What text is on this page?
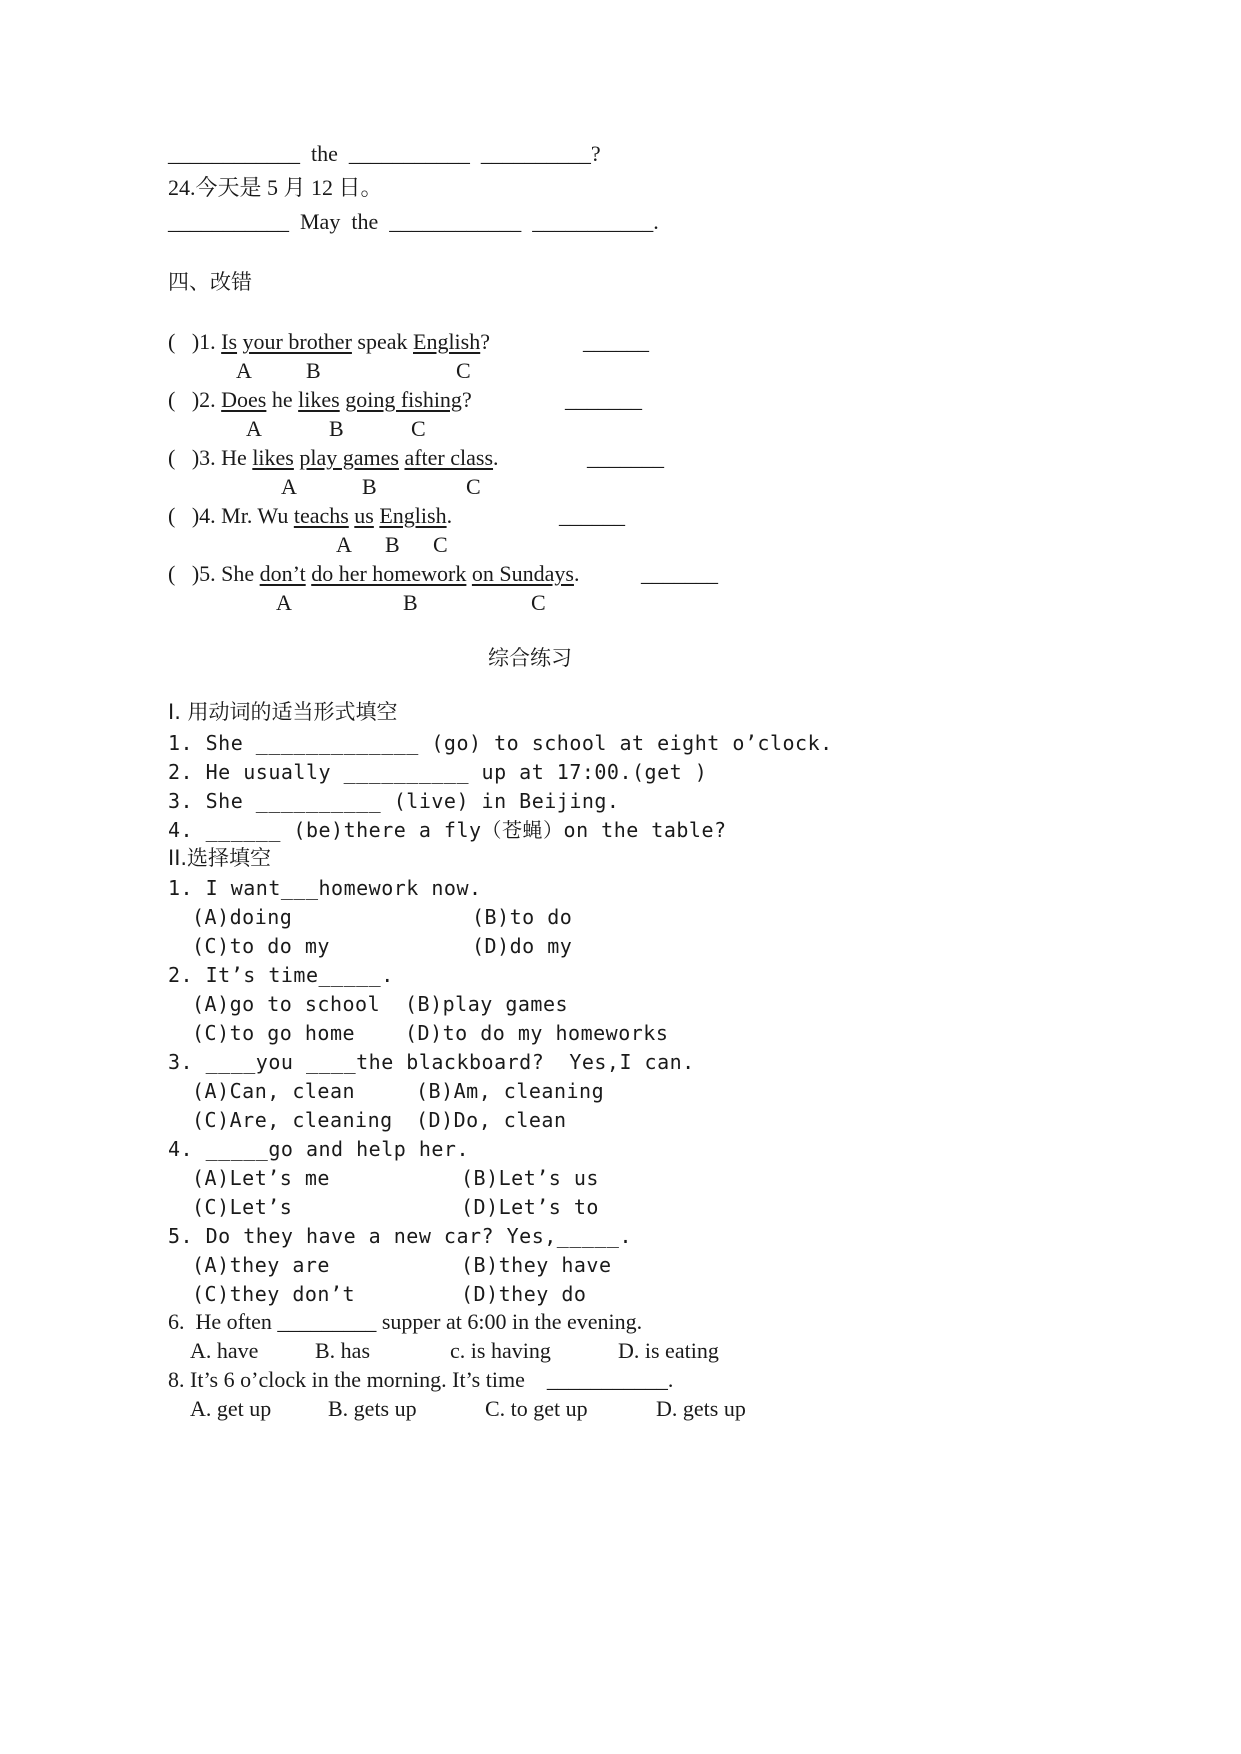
____________ the ___________ __________?
24.今天是 5 月 12 日。
___________ May the ____________ ___________.
四、改错
(   )1. Is your brother speak English?	______
A B	C
(   )2. Does he likes going fishing?	_______
A	B	C
(   )3. He likes play games after class.	_______
A	B	C
(   )4. Mr. Wu teachs us English.	______
A B C
(   )5. She don’t do her homework on Sundays.	_______
A	B	C
综合练习
I. 用动词的适当形式填空
1. She _____________ (go) to school at eight o’clock.
2. He usually __________ up at 17:00.(get )
3. She __________ (live) in Beijing.
4. ______ (be)there a fly（苍蝇）on the table?
II.选择填空
1. I want___homework now.
(A)doing	(B)to do
(C)to do my	(D)do my
2. It’s time_____.
(A)go to school (B)play games
(C)to go home (D)to do my homeworks
3. ____you ____the blackboard?  Yes,I can.
(A)Can, clean	(B)Am, cleaning
(C)Are, cleaning (D)Do, clean
4. _____go and help her.
(A)Let’s me	(B)Let’s us
(C)Let’s	(D)Let’s to
5. Do they have a new car? Yes,_____.
(A)they are	(B)they have
(C)they don’t	(D)they do
6.  He often _________ supper at 6:00 in the evening.
A. have	B. has	c. is having	D. is eating
8. It’s 6 o’clock in the morning. It’s time ___________.
A. get up	B. gets up	C. to get up	D. gets up
